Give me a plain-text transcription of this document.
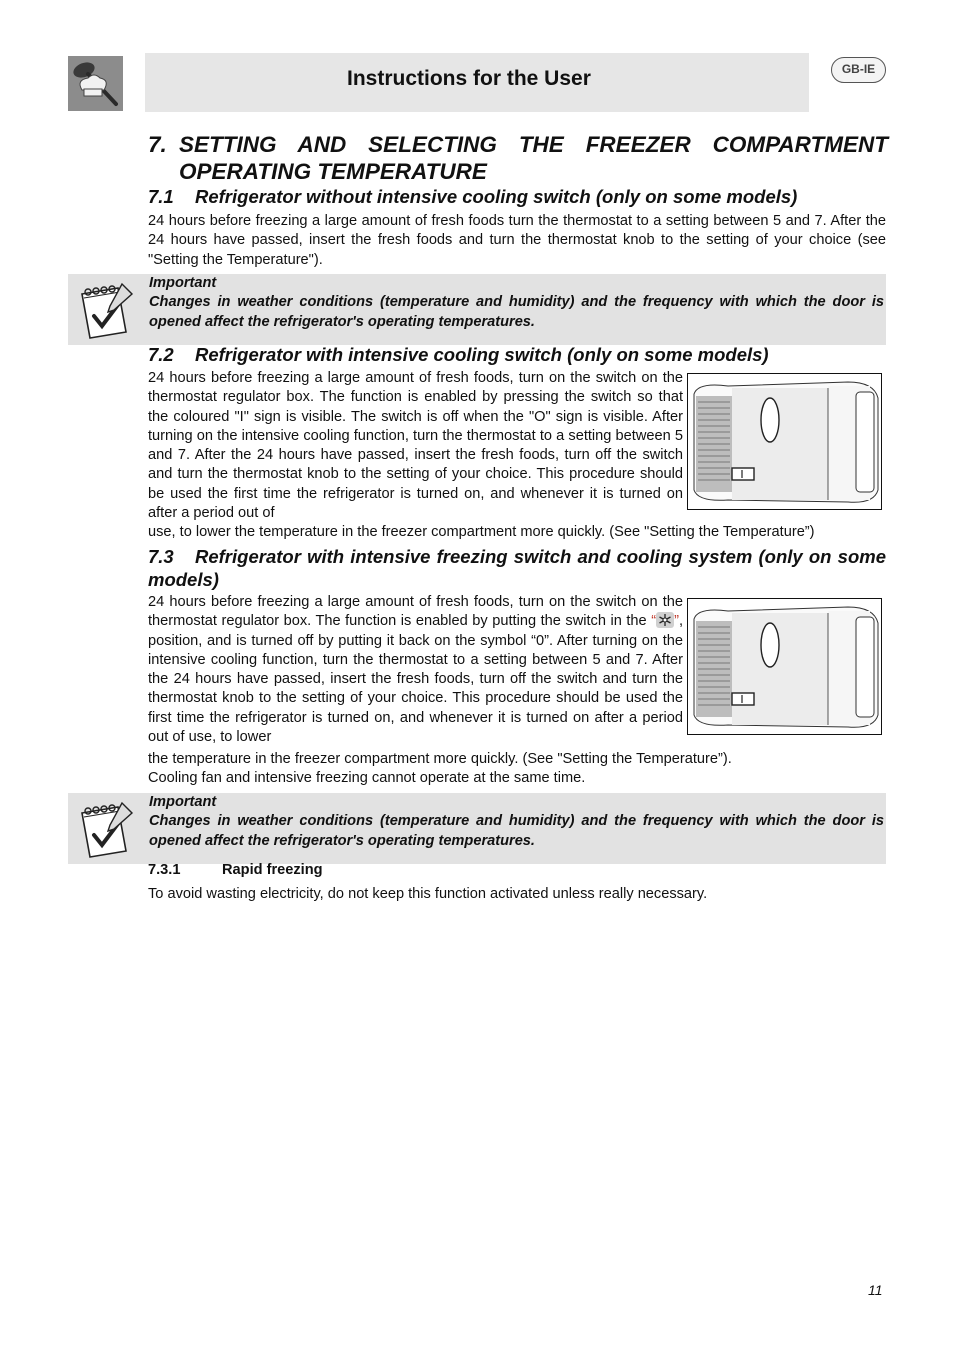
Instructions for the User	GB-IE
7. SETTING AND SELECTING THE FREEZER COMPARTMENT
OPERATING TEMPERATURE
7.1 Refrigerator without intensive cooling switch (only on some models)
24 hours before freezing a large amount of fresh foods turn the thermostat to a setting between 5 and 7. After the 24 hours have passed, insert the fresh foods and turn the thermostat knob to the setting of your choice (see "Setting the Temperature").
Important
Changes in weather conditions (temperature and humidity) and the frequency with which the door is opened affect the refrigerator's operating temperatures.
7.2 Refrigerator with intensive cooling switch (only on some models)
24 hours before freezing a large amount of fresh foods, turn on the switch on the thermostat regulator box. The function is enabled by pressing the switch so that the coloured "I" sign is visible. The switch is off when the "O" sign is visible. After turning on the intensive cooling function, turn the thermostat to a setting between 5 and 7. After the 24 hours have passed, insert the fresh foods, turn off the switch and turn the thermostat knob to the setting of your choice. This procedure should be used the first time the refrigerator is turned on, and whenever it is turned on after a period out of
use, to lower the temperature in the freezer compartment more quickly. (See "Setting the Temperature”)
7.3 Refrigerator with intensive freezing switch and cooling system (only on some models)
24 hours before freezing a large amount of fresh foods, turn on the switch on the thermostat regulator box. The function is enabled by putting the switch in the “ ”, position, and is turned off by putting it back on the symbol “0”. After turning on the intensive cooling function, turn the thermostat to a setting between 5 and 7. After the 24 hours have passed, insert the fresh foods, turn off the switch and turn the thermostat knob to the setting of your choice. This procedure should be used the first time the refrigerator is turned on, and whenever it is turned on after a period out of use, to lower
the temperature in the freezer compartment more quickly. (See "Setting the Temperature”).
Cooling fan and intensive freezing cannot operate at the same time.
Important
Changes in weather conditions (temperature and humidity) and the frequency with which the door is opened affect the refrigerator's operating temperatures.
7.3.1	Rapid freezing
To avoid wasting electricity, do not keep this function activated unless really necessary.
11
